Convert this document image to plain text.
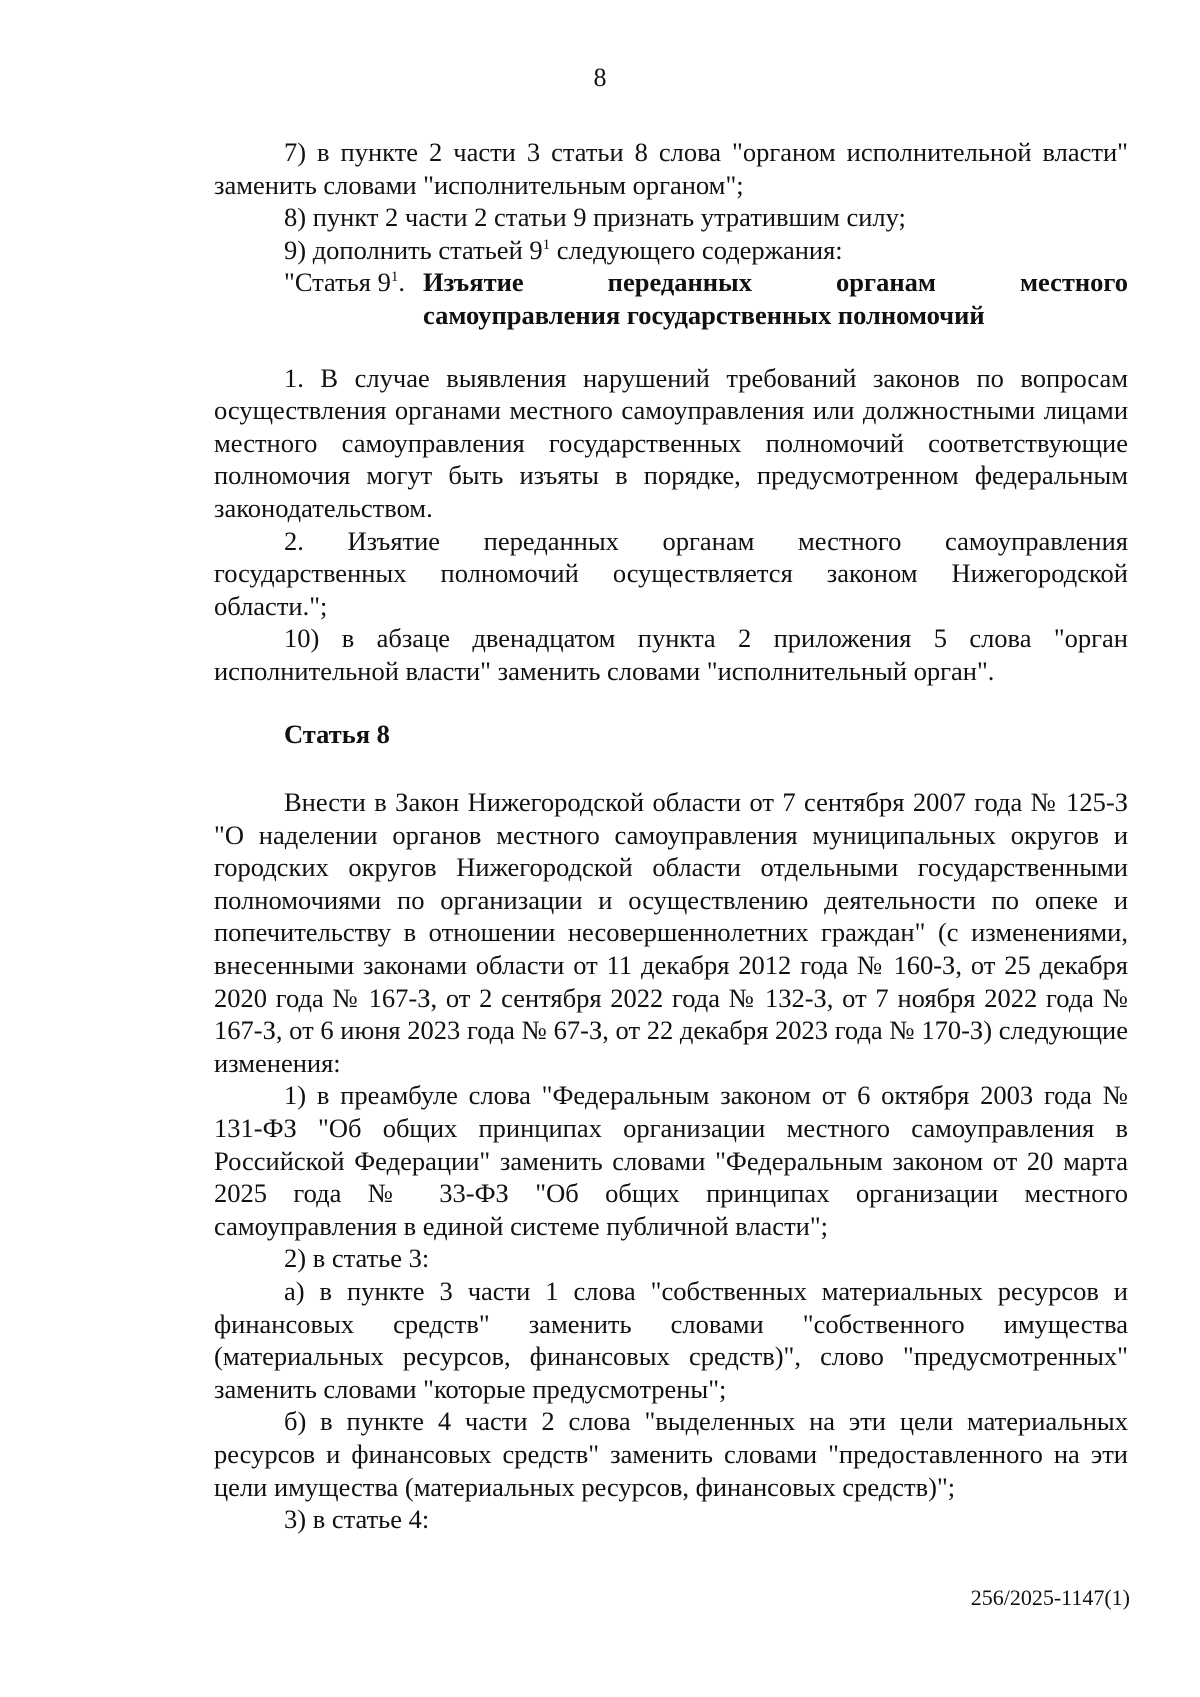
8

7) в пункте 2 части 3 статьи 8 слова "органом исполнительной власти" заменить словами "исполнительным органом";

8) пункт 2 части 2 статьи 9 признать утратившим силу;

9) дополнить статьей $9^1$ следующего содержания:

"Статья $9^1$. Изъятие переданных органам местного
самоуправления государственных полномочий

1. В случае выявления нарушений требований законов по вопросам осуществления органами местного самоуправления или должностными лицами местного самоуправления государственных полномочий соответствующие полномочия могут быть изъяты в порядке, предусмотренном федеральным законодательством.

2. Изъятие переданных органам местного самоуправления государственных полномочий осуществляется законом Нижегородской области.";

10) в абзаце двенадцатом пункта 2 приложения 5 слова "орган исполнительной власти" заменить словами "исполнительный орган".

Статья 8

Внести в Закон Нижегородской области от 7 сентября 2007 года № 125-З "О наделении органов местного самоуправления муниципальных округов и городских округов Нижегородской области отдельными государственными полномочиями по организации и осуществлению деятельности по опеке и попечительству в отношении несовершеннолетних граждан" (с изменениями, внесенными законами области от 11 декабря 2012 года № 160-З, от 25 декабря 2020 года № 167-З, от 2 сентября 2022 года № 132-З, от 7 ноября 2022 года № 167-З, от 6 июня 2023 года № 67-З, от 22 декабря 2023 года № 170-З) следующие изменения:

1) в преамбуле слова "Федеральным законом от 6 октября 2003 года № 131-ФЗ "Об общих принципах организации местного самоуправления в Российской Федерации" заменить словами "Федеральным законом от 20 марта 2025 года № 33-ФЗ "Об общих принципах организации местного самоуправления в единой системе публичной власти";

2) в статье 3:

а) в пункте 3 части 1 слова "собственных материальных ресурсов и финансовых средств" заменить словами "собственного имущества (материальных ресурсов, финансовых средств)", слово "предусмотренных" заменить словами "которые предусмотрены";

б) в пункте 4 части 2 слова "выделенных на эти цели материальных ресурсов и финансовых средств" заменить словами "предоставленного на эти цели имущества (материальных ресурсов, финансовых средств)";

3) в статье 4:

256/2025-1147(1)
